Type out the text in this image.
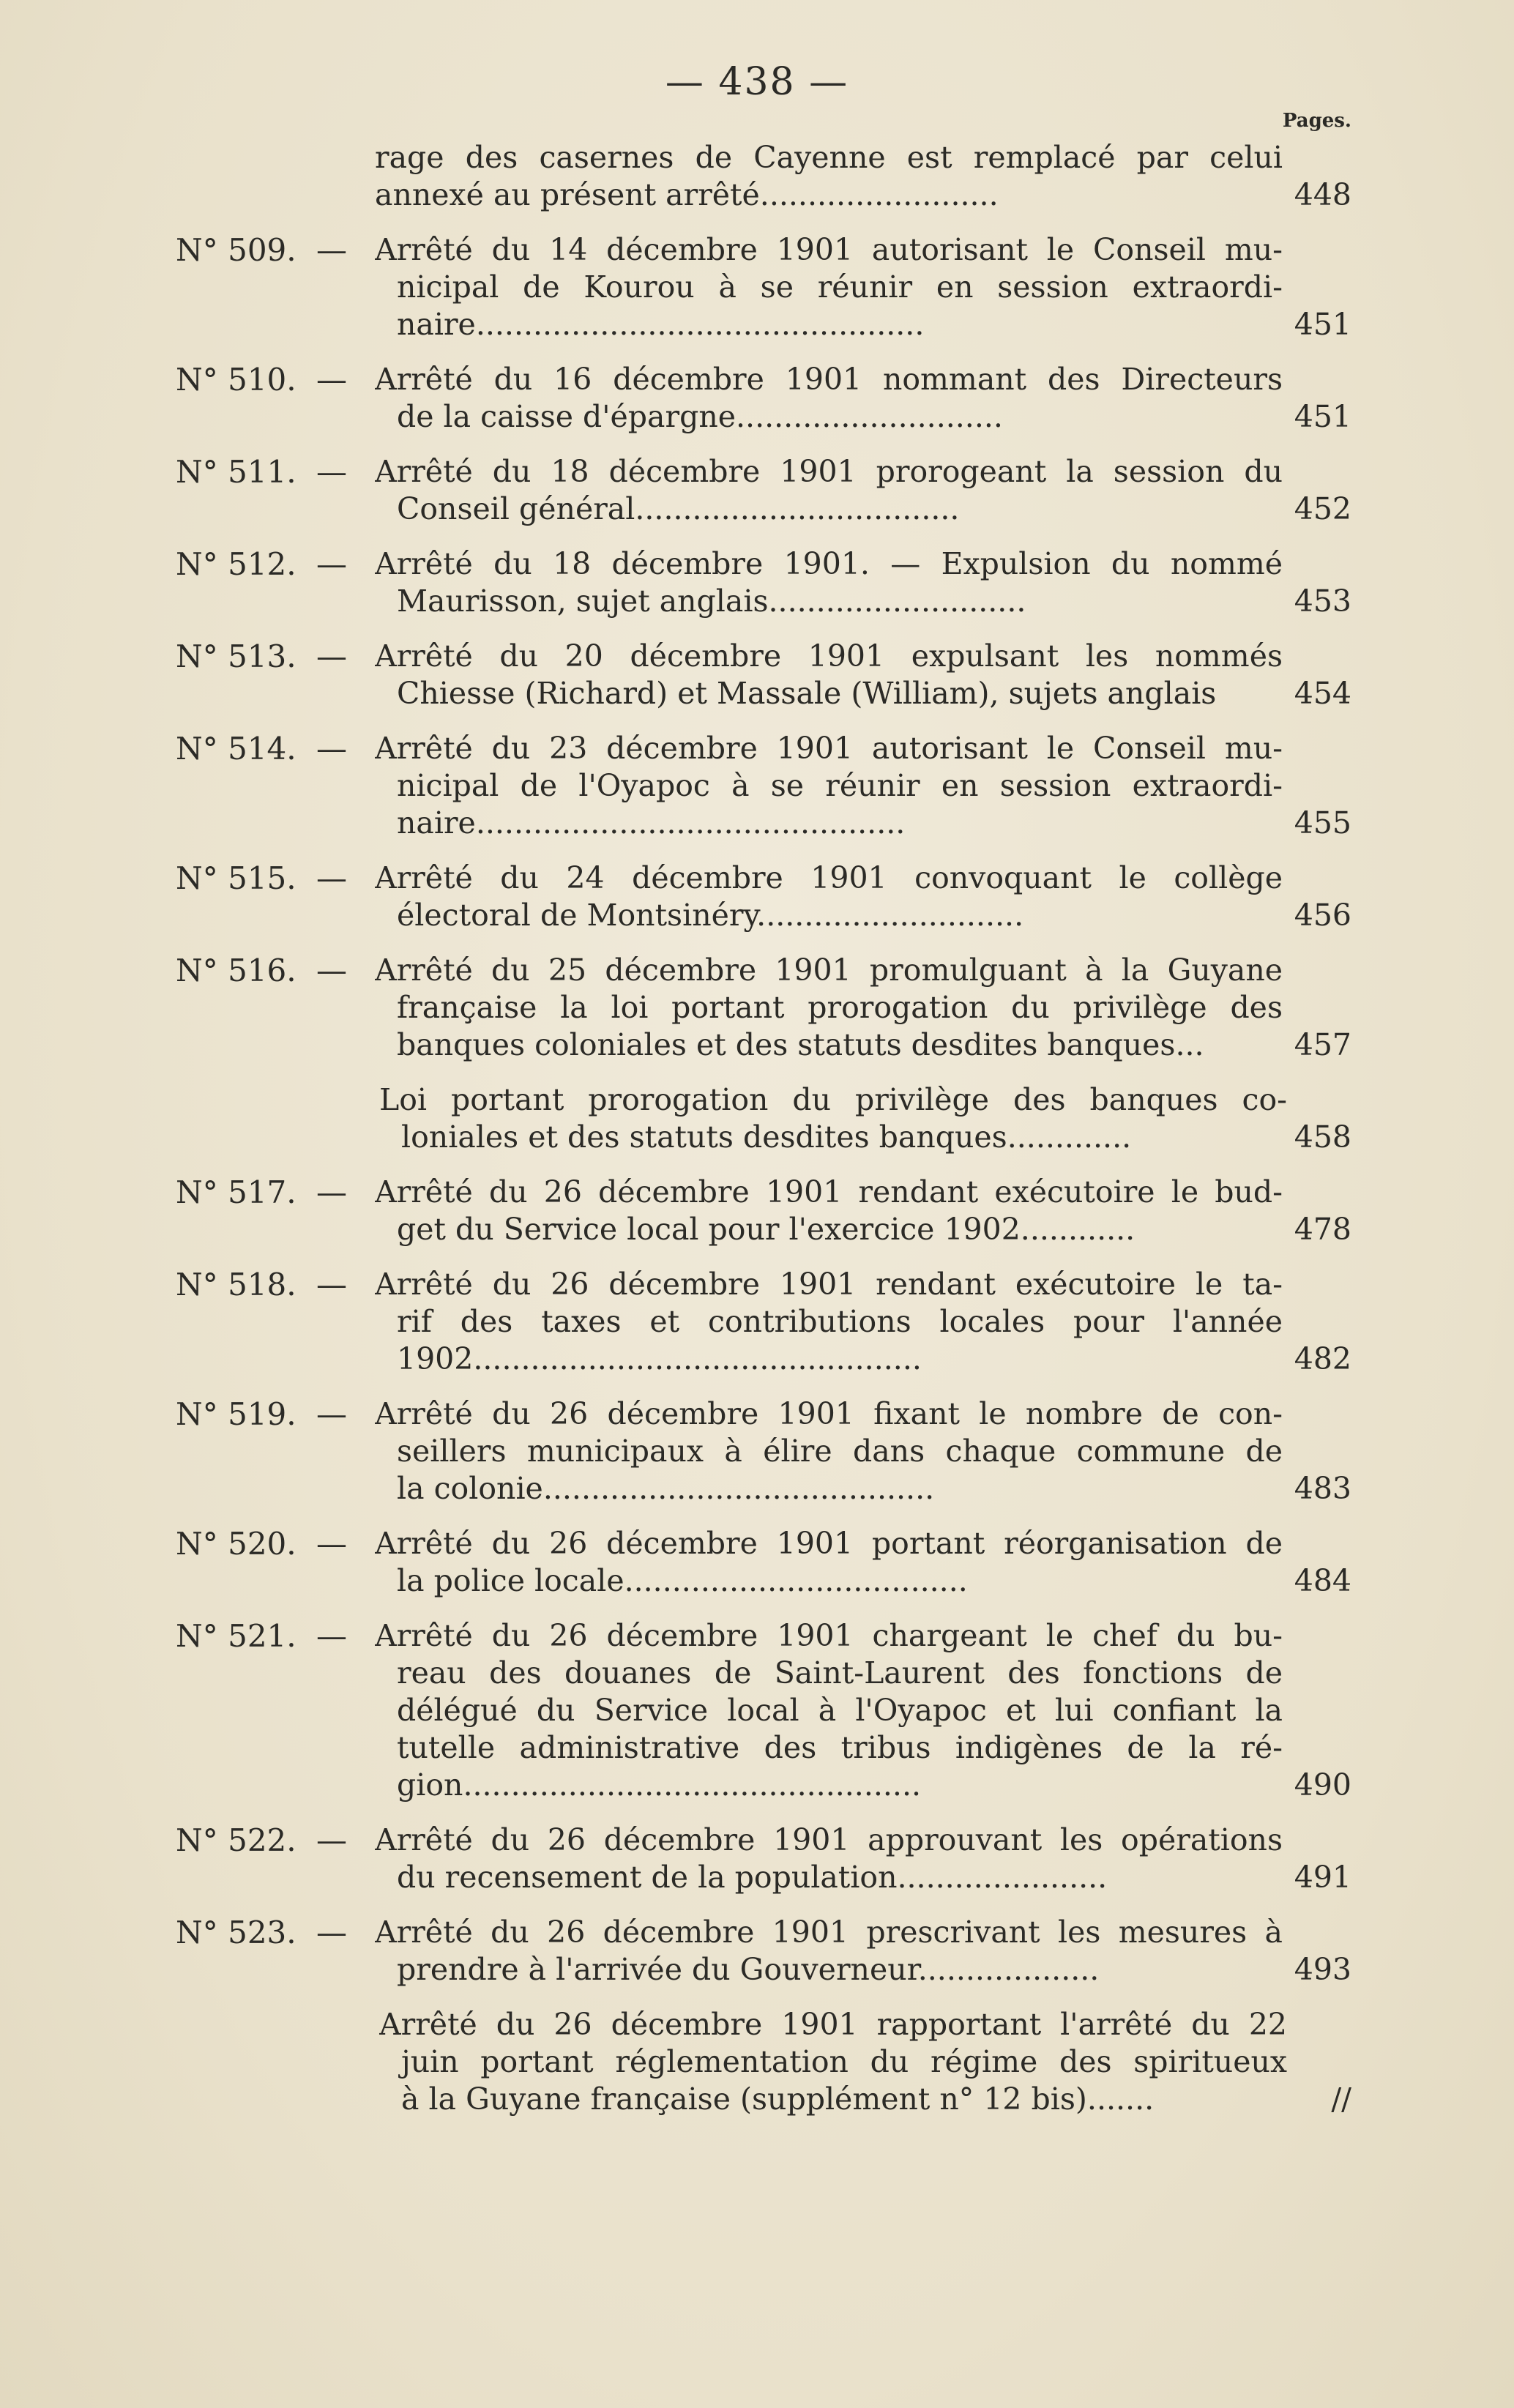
— 438 —
Pages.
rage des casernes de Cayenne est remplacé par celui
annexé au présent arrêté.........................	448
N° 509. — Arrêté du 14 décembre 1901 autorisant le Conseil mu-
nicipal de Kourou à se réunir en session extraordi-
naire...............................................	451
N° 510. — Arrêté du 16 décembre 1901 nommant des Directeurs
de la caisse d'épargne............................	451
N° 511. — Arrêté du 18 décembre 1901 prorogeant la session du
Conseil général..................................	452
N° 512. — Arrêté du 18 décembre 1901. — Expulsion du nommé
Maurisson, sujet anglais...........................	453
N° 513. — Arrêté du 20 décembre 1901 expulsant les nommés
Chiesse (Richard) et Massale (William), sujets anglais	454
N° 514. — Arrêté du 23 décembre 1901 autorisant le Conseil mu-
nicipal de l'Oyapoc à se réunir en session extraordi-
naire.............................................	455
N° 515. — Arrêté du 24 décembre 1901 convoquant le collège
électoral de Montsinéry............................	456
N° 516. — Arrêté du 25 décembre 1901 promulguant à la Guyane
française la loi portant prorogation du privilège des
banques coloniales et des statuts desdites banques...	457
Loi portant prorogation du privilège des banques co-
loniales et des statuts desdites banques.............	458
N° 517. — Arrêté du 26 décembre 1901 rendant exécutoire le bud-
get du Service local pour l'exercice 1902............	478
N° 518. — Arrêté du 26 décembre 1901 rendant exécutoire le ta-
rif des taxes et contributions locales pour l'année
1902...............................................	482
N° 519. — Arrêté du 26 décembre 1901 fixant le nombre de con-
seillers municipaux à élire dans chaque commune de
la colonie.........................................	483
N° 520. — Arrêté du 26 décembre 1901 portant réorganisation de
la police locale....................................	484
N° 521. — Arrêté du 26 décembre 1901 chargeant le chef du bu-
reau des douanes de Saint-Laurent des fonctions de
délégué du Service local à l'Oyapoc et lui confiant la
tutelle administrative des tribus indigènes de la ré-
gion................................................	490
N° 522. — Arrêté du 26 décembre 1901 approuvant les opérations
du recensement de la population......................	491
N° 523. — Arrêté du 26 décembre 1901 prescrivant les mesures à
prendre à l'arrivée du Gouverneur...................	493
Arrêté du 26 décembre 1901 rapportant l'arrêté du 22
juin portant réglementation du régime des spiritueux
à la Guyane française (supplément n° 12 bis).......	//
